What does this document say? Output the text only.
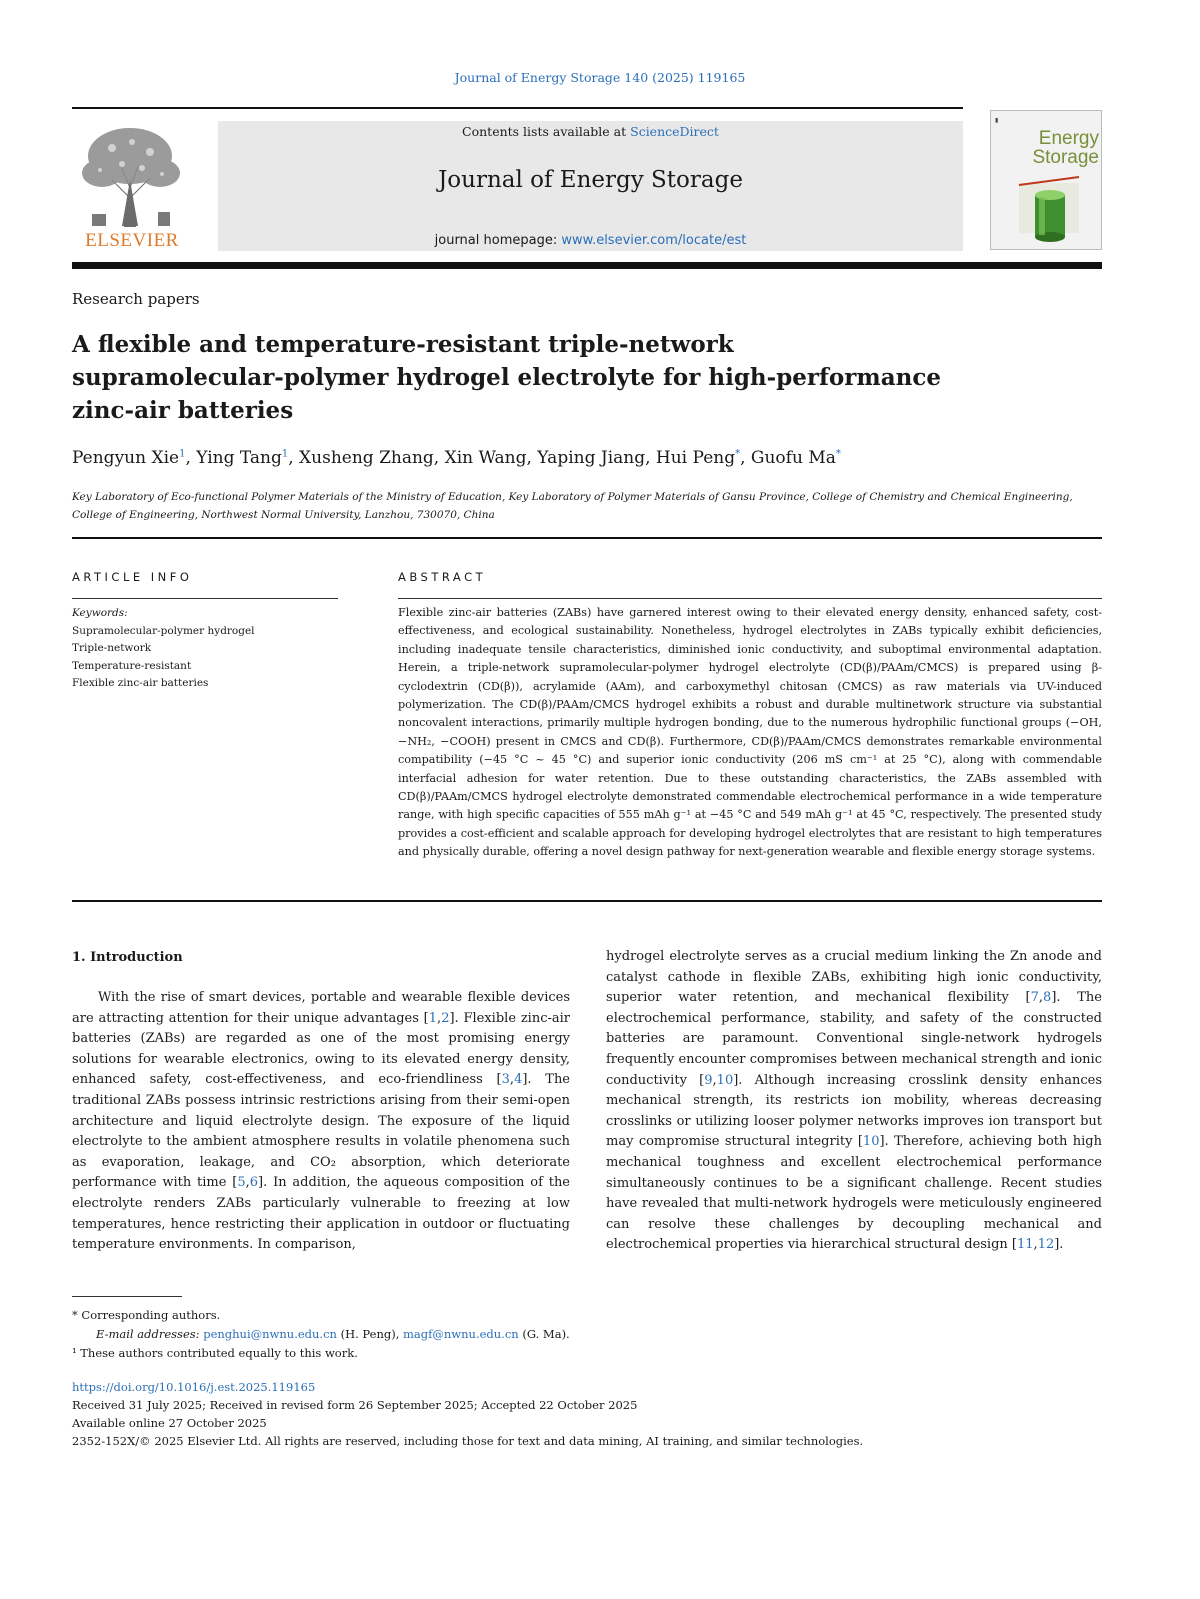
Journal of Energy Storage 140 (2025) 119165
ELSEVIER
Contents lists available at ScienceDirect
Journal of Energy Storage
journal homepage: www.elsevier.com/locate/est
▮
Energy
Storage
Research papers
A flexible and temperature-resistant triple-network supramolecular-polymer hydrogel electrolyte for high-performance zinc-air batteries
Pengyun Xie$^1$, Ying Tang$^1$, Xusheng Zhang, Xin Wang, Yaping Jiang, Hui Peng*, Guofu Ma*
Key Laboratory of Eco-functional Polymer Materials of the Ministry of Education, Key Laboratory of Polymer Materials of Gansu Province, College of Chemistry and Chemical Engineering, College of Engineering, Northwest Normal University, Lanzhou, 730070, China
ARTICLE INFO	ABSTRACT
Keywords:
Supramolecular-polymer hydrogel
Triple-network
Temperature-resistant
Flexible zinc-air batteries
Flexible zinc-air batteries (ZABs) have garnered interest owing to their elevated energy density, enhanced safety, cost-effectiveness, and ecological sustainability. Nonetheless, hydrogel electrolytes in ZABs typically exhibit deficiencies, including inadequate tensile characteristics, diminished ionic conductivity, and suboptimal environmental adaptation. Herein, a triple-network supramolecular-polymer hydrogel electrolyte (CD(β)/PAAm/CMCS) is prepared using β-cyclodextrin (CD(β)), acrylamide (AAm), and carboxymethyl chitosan (CMCS) as raw materials via UV-induced polymerization. The CD(β)/PAAm/CMCS hydrogel exhibits a robust and durable multinetwork structure via substantial noncovalent interactions, primarily multiple hydrogen bonding, due to the numerous hydrophilic functional groups (−OH, −NH₂, −COOH) present in CMCS and CD(β). Furthermore, CD(β)/PAAm/CMCS demonstrates remarkable environmental compatibility (−45 °C ~ 45 °C) and superior ionic conductivity (206 mS cm⁻¹ at 25 °C), along with commendable interfacial adhesion for water retention. Due to these outstanding characteristics, the ZABs assembled with CD(β)/PAAm/CMCS hydrogel electrolyte demonstrated commendable electrochemical performance in a wide temperature range, with high specific capacities of 555 mAh g⁻¹ at −45 °C and 549 mAh g⁻¹ at 45 °C, respectively. The presented study provides a cost-efficient and scalable approach for developing hydrogel electrolytes that are resistant to high temperatures and physically durable, offering a novel design pathway for next-generation wearable and flexible energy storage systems.
1. Introduction
With the rise of smart devices, portable and wearable flexible devices are attracting attention for their unique advantages [1,2]. Flexible zinc-air batteries (ZABs) are regarded as one of the most promising energy solutions for wearable electronics, owing to its elevated energy density, enhanced safety, cost-effectiveness, and eco-friendliness [3,4]. The traditional ZABs possess intrinsic restrictions arising from their semi-open architecture and liquid electrolyte design. The exposure of the liquid electrolyte to the ambient atmosphere results in volatile phenomena such as evaporation, leakage, and CO₂ absorption, which deteriorate performance with time [5,6]. In addition, the aqueous composition of the electrolyte renders ZABs particularly vulnerable to freezing at low temperatures, hence restricting their application in outdoor or fluctuating temperature environments. In comparison,
hydrogel electrolyte serves as a crucial medium linking the Zn anode and catalyst cathode in flexible ZABs, exhibiting high ionic conductivity, superior water retention, and mechanical flexibility [7,8]. The electrochemical performance, stability, and safety of the constructed batteries are paramount. Conventional single-network hydrogels frequently encounter compromises between mechanical strength and ionic conductivity [9,10]. Although increasing crosslink density enhances mechanical strength, its restricts ion mobility, whereas decreasing crosslinks or utilizing looser polymer networks improves ion transport but may compromise structural integrity [10]. Therefore, achieving both high mechanical toughness and excellent electrochemical performance simultaneously continues to be a significant challenge. Recent studies have revealed that multi-network hydrogels were meticulously engineered can resolve these challenges by decoupling mechanical and electrochemical properties via hierarchical structural design [11,12].
* Corresponding authors.
E-mail addresses: penghui@nwnu.edu.cn (H. Peng), magf@nwnu.edu.cn (G. Ma).
¹ These authors contributed equally to this work.
https://doi.org/10.1016/j.est.2025.119165
Received 31 July 2025; Received in revised form 26 September 2025; Accepted 22 October 2025
Available online 27 October 2025
2352-152X/© 2025 Elsevier Ltd. All rights are reserved, including those for text and data mining, AI training, and similar technologies.
